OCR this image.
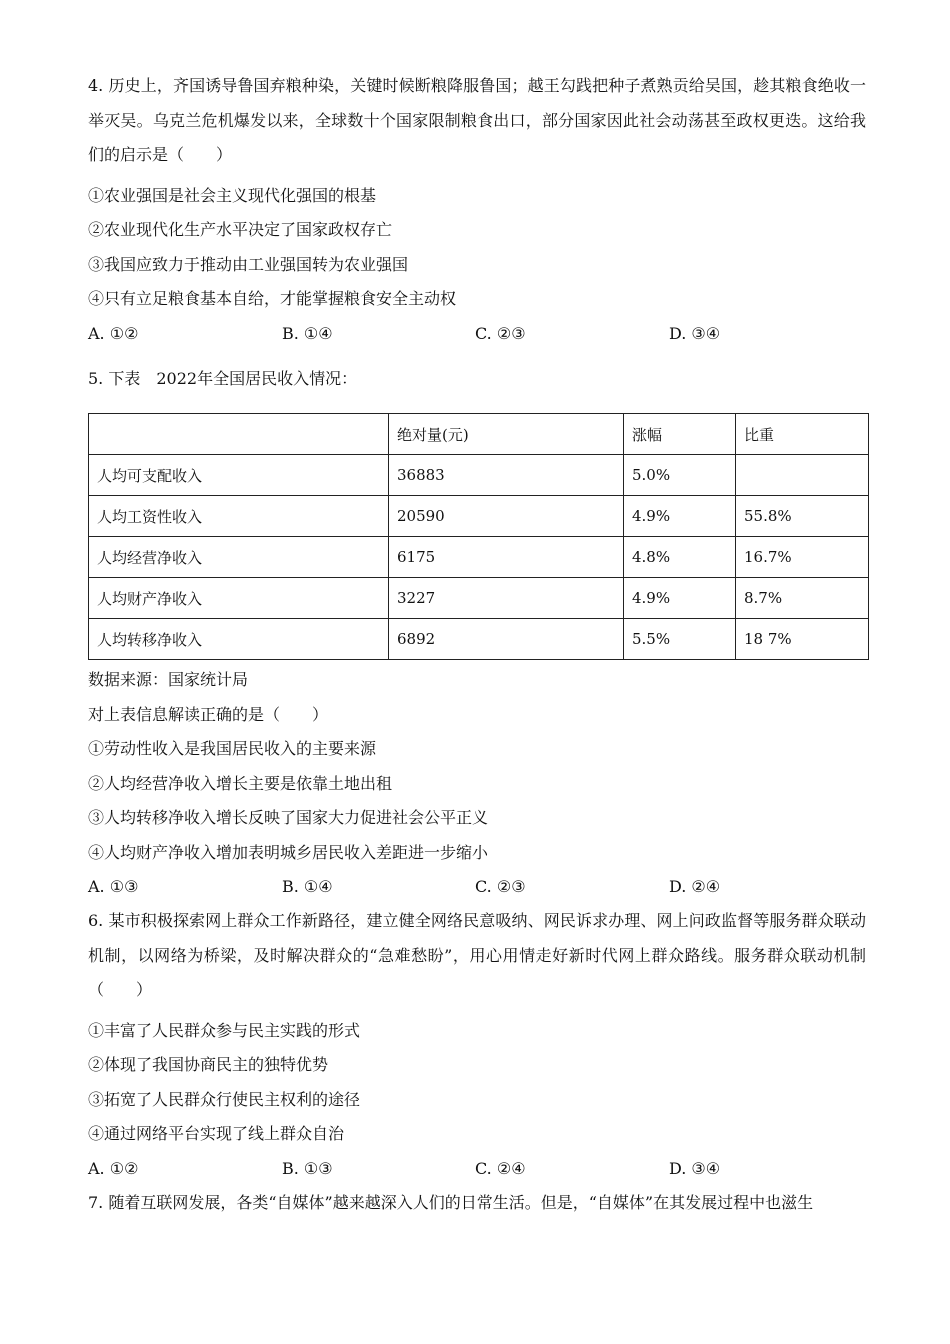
4. 历史上，齐国诱导鲁国弃粮种染，关键时候断粮降服鲁国；越王勾践把种子煮熟贡给吴国，趁其粮食绝收一举灭吴。乌克兰危机爆发以来，全球数十个国家限制粮食出口，部分国家因此社会动荡甚至政权更迭。这给我们的启示是（　　）
①农业强国是社会主义现代化强国的根基
②农业现代化生产水平决定了国家政权存亡
③我国应致力于推动由工业强国转为农业强国
④只有立足粮食基本自给，才能掌握粮食安全主动权
A. ①②	B. ①④	C. ②③	D. ③④
5. 下表　2022年全国居民收入情况：
	绝对量(元)	涨幅	比重
人均可支配收入	36883	5.0%	
人均工资性收入	20590	4.9%	55.8%
人均经营净收入	6175	4.8%	16.7%
人均财产净收入	3227	4.9%	8.7%
人均转移净收入	6892	5.5%	18 7%
数据来源：国家统计局
对上表信息解读正确的是（　　）
①劳动性收入是我国居民收入的主要来源
②人均经营净收入增长主要是依靠土地出租
③人均转移净收入增长反映了国家大力促进社会公平正义
④人均财产净收入增加表明城乡居民收入差距进一步缩小
A. ①③	B. ①④	C. ②③	D. ②④
6. 某市积极探索网上群众工作新路径，建立健全网络民意吸纳、网民诉求办理、网上问政监督等服务群众联动机制，以网络为桥梁，及时解决群众的“急难愁盼”，用心用情走好新时代网上群众路线。服务群众联动机制（　　）
①丰富了人民群众参与民主实践的形式
②体现了我国协商民主的独特优势
③拓宽了人民群众行使民主权利的途径
④通过网络平台实现了线上群众自治
A. ①②	B. ①③	C. ②④	D. ③④
7. 随着互联网发展，各类“自媒体”越来越深入人们的日常生活。但是，“自媒体”在其发展过程中也滋生
